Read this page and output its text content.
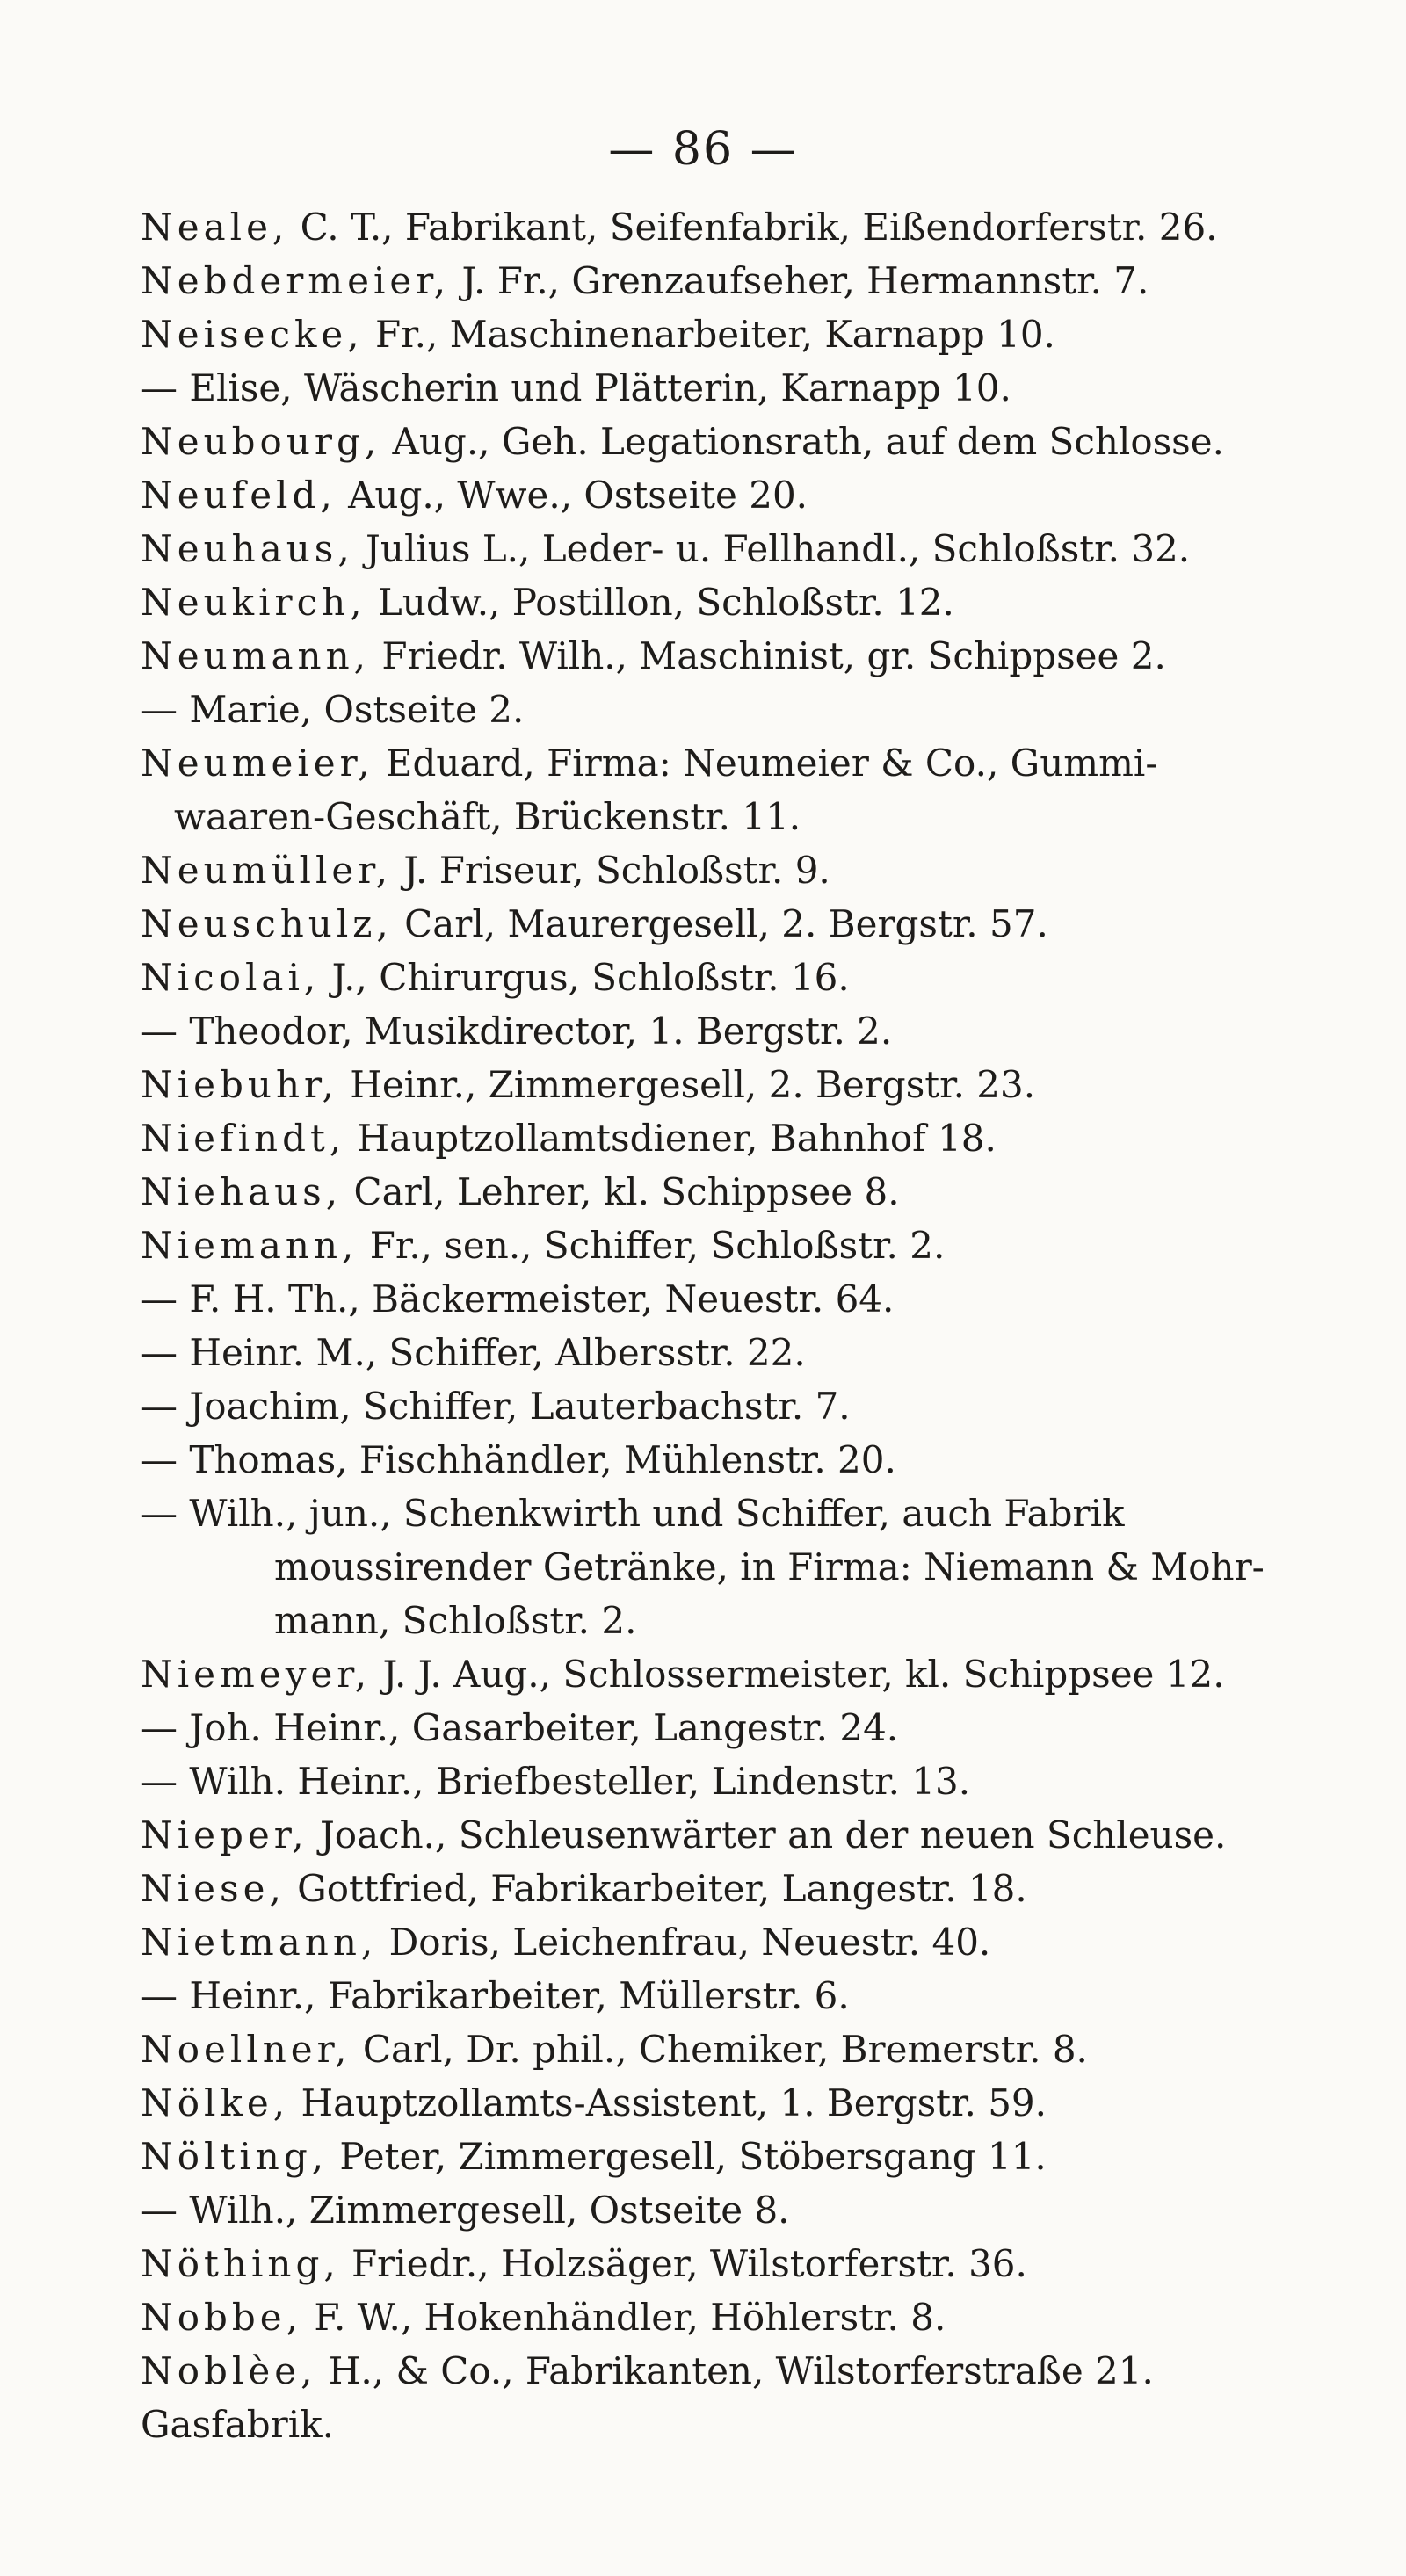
— 86 —

Neale, C. T., Fabrikant, Seifenfabrik, Eißendorferstr. 26.

Nebdermeier, J. Fr., Grenzaufseher, Hermannstr. 7.

Neisecke, Fr., Maschinenarbeiter, Karnapp 10.

— Elise, Wäscherin und Plätterin, Karnapp 10.

Neubourg, Aug., Geh. Legationsrath, auf dem Schlosse.

Neufeld, Aug., Wwe., Ostseite 20.

Neuhaus, Julius L., Leder- u. Fellhandl., Schloßstr. 32.

Neukirch, Ludw., Postillon, Schloßstr. 12.

Neumann, Friedr. Wilh., Maschinist, gr. Schippsee 2.

— Marie, Ostseite 2.

Neumeier, Eduard, Firma: Neumeier & Co., Gummi-

waaren-Geschäft, Brückenstr. 11.

Neumüller, J. Friseur, Schloßstr. 9.

Neuschulz, Carl, Maurergesell, 2. Bergstr. 57.

Nicolai, J., Chirurgus, Schloßstr. 16.

— Theodor, Musikdirector, 1. Bergstr. 2.

Niebuhr, Heinr., Zimmergesell, 2. Bergstr. 23.

Niefindt, Hauptzollamtsdiener, Bahnhof 18.

Niehaus, Carl, Lehrer, kl. Schippsee 8.

Niemann, Fr., sen., Schiffer, Schloßstr. 2.

— F. H. Th., Bäckermeister, Neuestr. 64.

— Heinr. M., Schiffer, Albersstr. 22.

— Joachim, Schiffer, Lauterbachstr. 7.

— Thomas, Fischhändler, Mühlenstr. 20.

— Wilh., jun., Schenkwirth und Schiffer, auch Fabrik

moussirender Getränke, in Firma: Niemann & Mohr-

mann, Schloßstr. 2.

Niemeyer, J. J. Aug., Schlossermeister, kl. Schippsee 12.

— Joh. Heinr., Gasarbeiter, Langestr. 24.

— Wilh. Heinr., Briefbesteller, Lindenstr. 13.

Nieper, Joach., Schleusenwärter an der neuen Schleuse.

Niese, Gottfried, Fabrikarbeiter, Langestr. 18.

Nietmann, Doris, Leichenfrau, Neuestr. 40.

— Heinr., Fabrikarbeiter, Müllerstr. 6.

Noellner, Carl, Dr. phil., Chemiker, Bremerstr. 8.

Nölke, Hauptzollamts-Assistent, 1. Bergstr. 59.

Nölting, Peter, Zimmergesell, Stöbersgang 11.

— Wilh., Zimmergesell, Ostseite 8.

Nöthing, Friedr., Holzsäger, Wilstorferstr. 36.

Nobbe, F. W., Hokenhändler, Höhlerstr. 8.

Noblèe, H., & Co., Fabrikanten, Wilstorferstraße 21.

Gasfabrik.
